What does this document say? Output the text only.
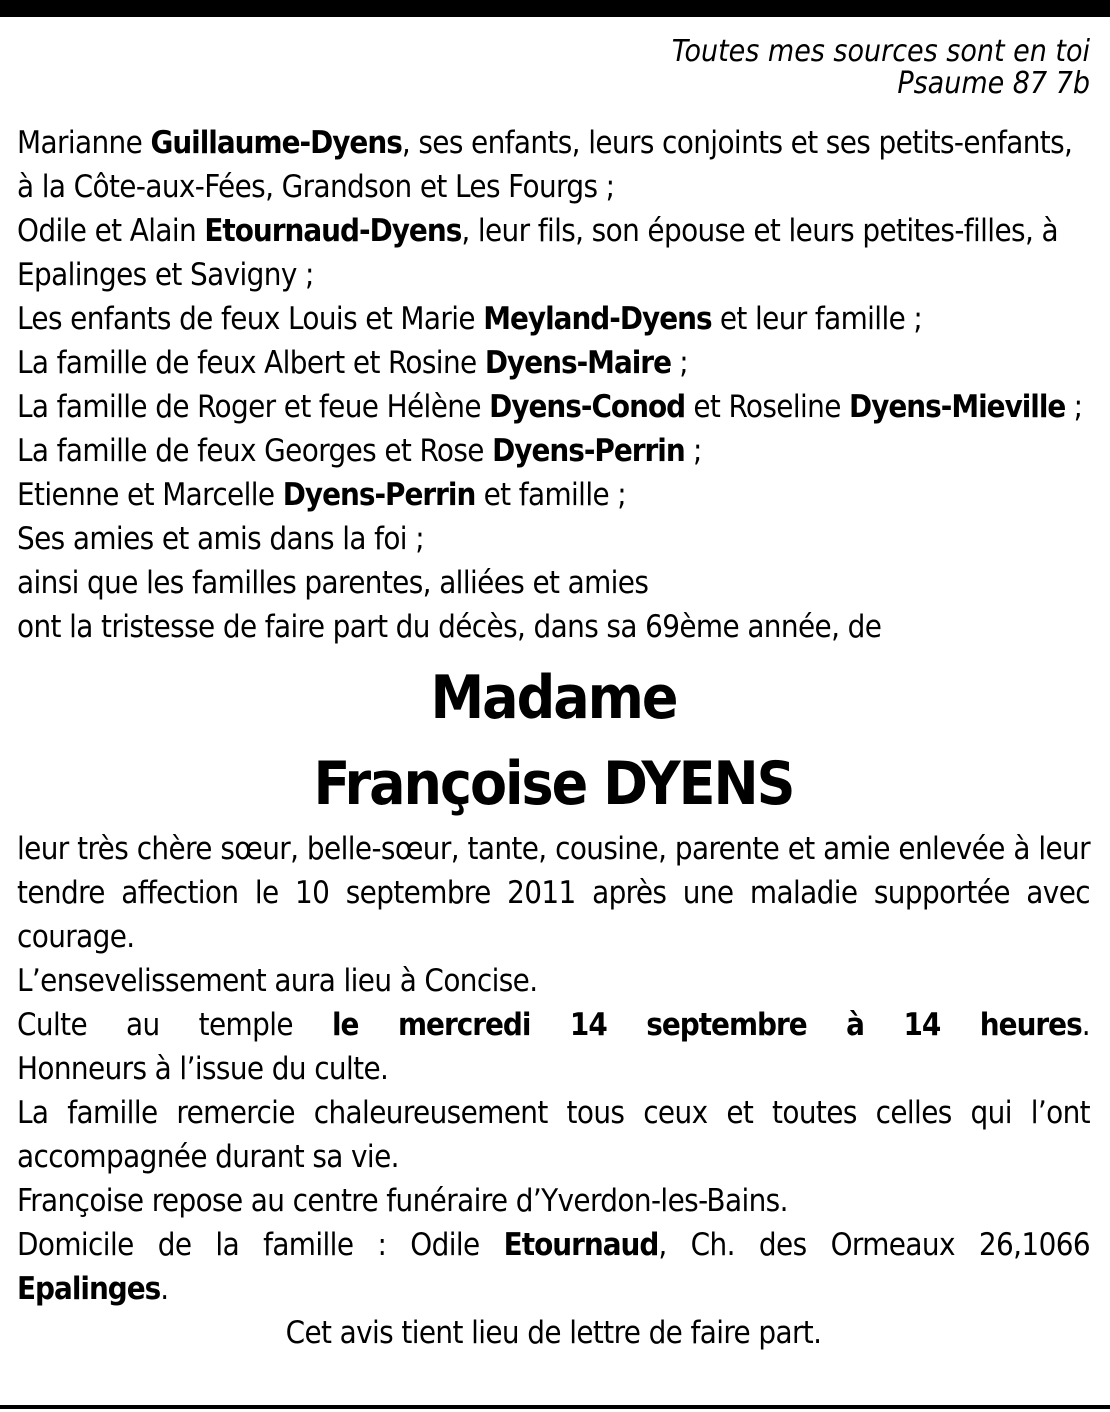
Toutes mes sources sont en toi
Psaume 87 7b
Marianne Guillaume-Dyens, ses enfants, leurs conjoints et ses petits-enfants, à la Côte-aux-Fées, Grandson et Les Fourgs ;
Odile et Alain Etournaud-Dyens, leur fils, son épouse et leurs petites-filles, à Epalinges et Savigny ;
Les enfants de feux Louis et Marie Meyland-Dyens et leur famille ;
La famille de feux Albert et Rosine Dyens-Maire ;
La famille de Roger et feue Hélène Dyens-Conod et Roseline Dyens-Mieville ;
La famille de feux Georges et Rose Dyens-Perrin ;
Etienne et Marcelle Dyens-Perrin et famille ;
Ses amies et amis dans la foi ;
ainsi que les familles parentes, alliées et amies
ont la tristesse de faire part du décès, dans sa 69ème année, de
Madame
Françoise DYENS
leur très chère sœur, belle-sœur, tante, cousine, parente et amie enlevée à leur tendre affection le 10 septembre 2011 après une maladie supportée avec courage.
L’ensevelissement aura lieu à Concise.
Culte au temple le mercredi 14 septembre à 14 heures.
Honneurs à l’issue du culte.
La famille remercie chaleureusement tous ceux et toutes celles qui l’ont accompagnée durant sa vie.
Françoise repose au centre funéraire d’Yverdon-les-Bains.
Domicile de la famille : Odile Etournaud, Ch. des Ormeaux 26,1066 Epalinges.
Cet avis tient lieu de lettre de faire part.
